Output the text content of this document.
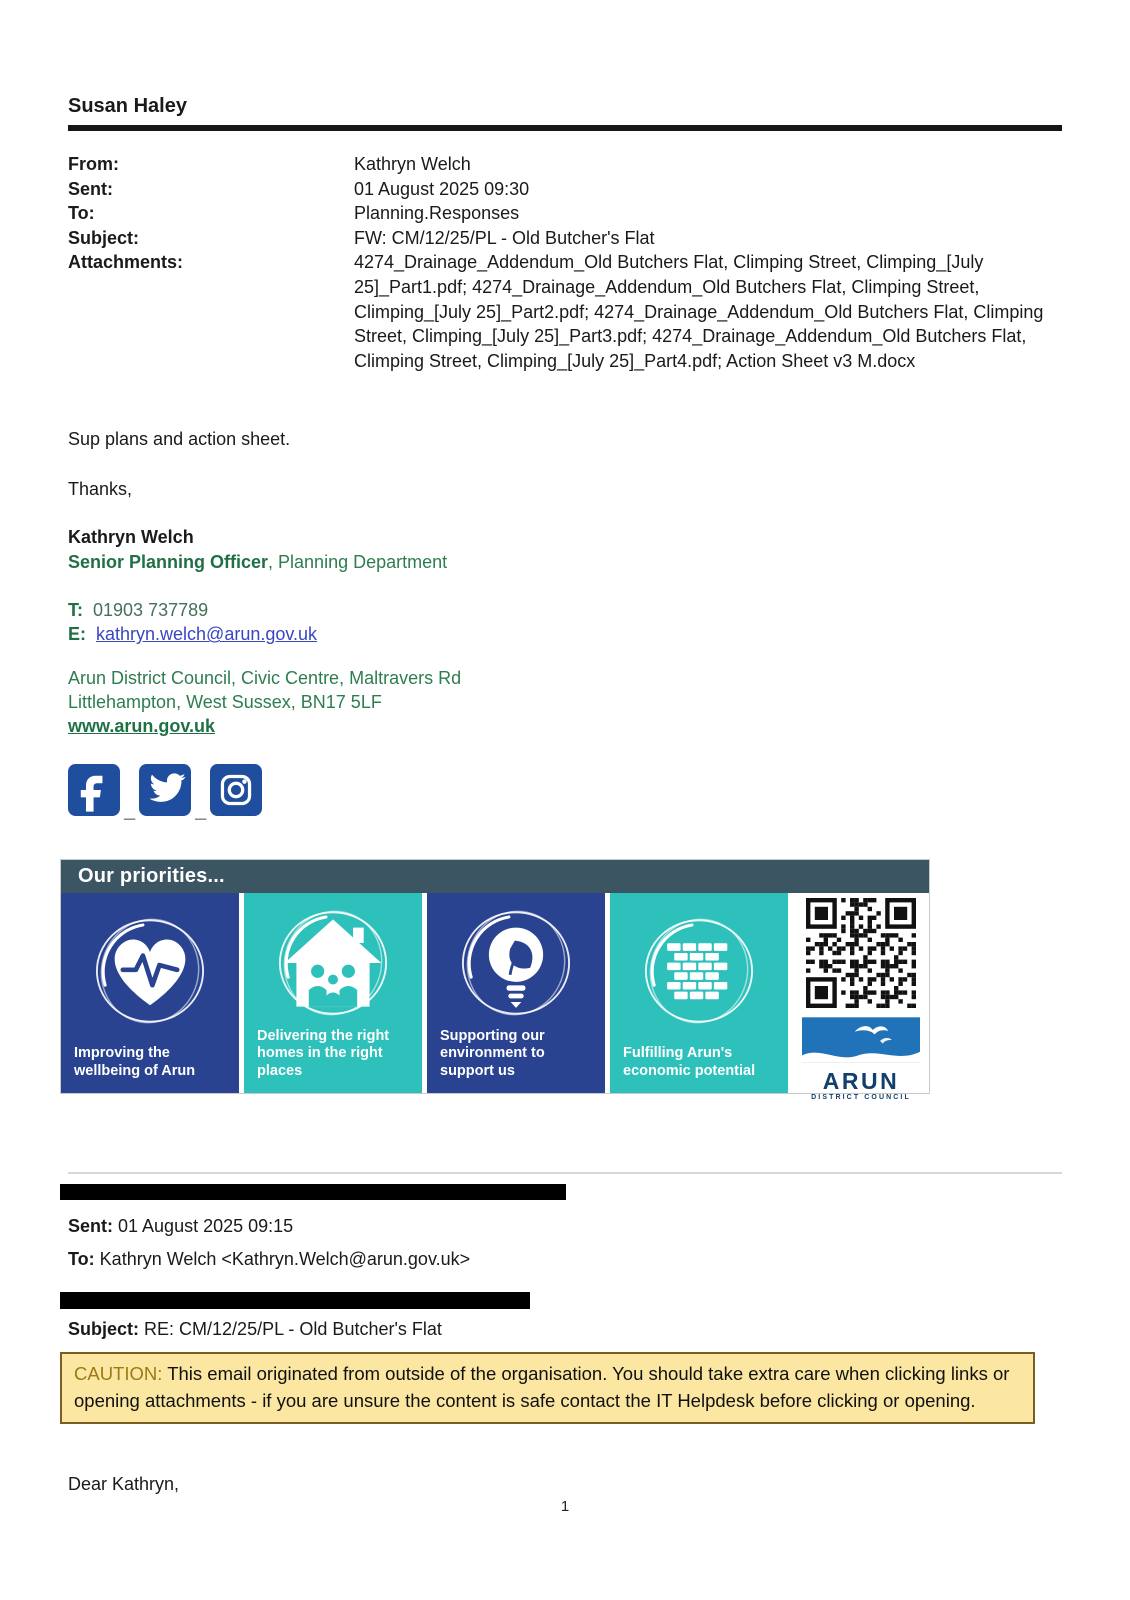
Susan Haley
From:	Kathryn Welch
Sent:	01 August 2025 09:30
To:	Planning.Responses
Subject:	FW: CM/12/25/PL - Old Butcher's Flat
Attachments:	4274_Drainage_Addendum_Old Butchers Flat, Climping Street, Climping_[July 25]_Part1.pdf; 4274_Drainage_Addendum_Old Butchers Flat, Climping Street, Climping_[July 25]_Part2.pdf; 4274_Drainage_Addendum_Old Butchers Flat, Climping Street, Climping_[July 25]_Part3.pdf; 4274_Drainage_Addendum_Old Butchers Flat, Climping Street, Climping_[July 25]_Part4.pdf; Action Sheet v3 M.docx

Sup plans and action sheet.

Thanks,

Kathryn Welch

Senior Planning Officer, Planning Department

T: 01903 737789

E: kathryn.welch@arun.gov.uk

Arun District Council, Civic Centre, Maltravers Rd

Littlehampton, West Sussex, BN17 5LF

www.arun.gov.uk

_	_
Our priorities...
Improving the wellbeing of Arun
Delivering the right homes in the right places
Supporting our environment to support us
Fulfilling Arun's economic potential	ARUN
DISTRICT COUNCIL

Sent: 01 August 2025 09:15

To: Kathryn Welch <Kathryn.Welch@arun.gov.uk>

Subject: RE: CM/12/25/PL - Old Butcher's Flat

CAUTION: This email originated from outside of the organisation. You should take extra care when clicking links or opening attachments - if you are unsure the content is safe contact the IT Helpdesk before clicking or opening.

Dear Kathryn,

1
